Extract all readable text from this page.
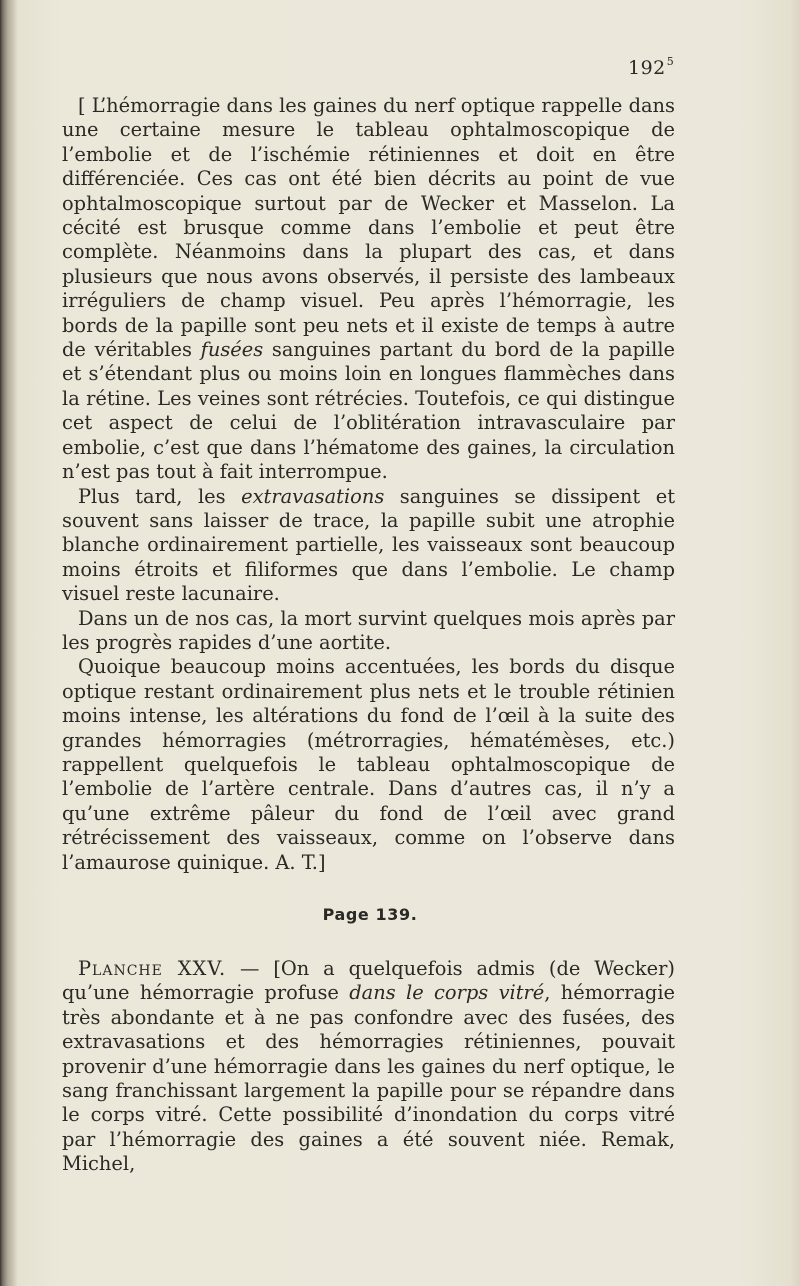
$192^5$

[ L’hémorragie dans les gaines du nerf optique rappelle dans une certaine mesure le tableau ophtalmoscopique de l’embolie et de l’ischémie rétiniennes et doit en être différenciée. Ces cas ont été bien décrits au point de vue ophtalmoscopique surtout par de Wecker et Masselon. La cécité est brusque comme dans l’embolie et peut être complète. Néanmoins dans la plupart des cas, et dans plusieurs que nous avons observés, il persiste des lambeaux irréguliers de champ visuel. Peu après l’hémorragie, les bords de la papille sont peu nets et il existe de temps à autre de véritables fusées sanguines partant du bord de la papille et s’étendant plus ou moins loin en longues flammèches dans la rétine. Les veines sont rétrécies. Toutefois, ce qui distingue cet aspect de celui de l’oblitération intravasculaire par embolie, c’est que dans l’hématome des gaines, la circulation n’est pas tout à fait interrompue.

Plus tard, les extravasations sanguines se dissipent et souvent sans laisser de trace, la papille subit une atrophie blanche ordinairement partielle, les vaisseaux sont beaucoup moins étroits et filiformes que dans l’embolie. Le champ visuel reste lacunaire.

Dans un de nos cas, la mort survint quelques mois après par les progrès rapides d’une aortite.

Quoique beaucoup moins accentuées, les bords du disque optique restant ordinairement plus nets et le trouble rétinien moins intense, les altérations du fond de l’œil à la suite des grandes hémorragies (métrorragies, hématémèses, etc.) rappellent quelquefois le tableau ophtalmoscopique de l’embolie de l’artère centrale. Dans d’autres cas, il n’y a qu’une extrême pâleur du fond de l’œil avec grand rétrécissement des vaisseaux, comme on l’observe dans l’amaurose quinique. A. T.]

Page 139.

Planche XXV. — [On a quelquefois admis (de Wecker) qu’une hémorragie profuse dans le corps vitré, hémorragie très abondante et à ne pas confondre avec des fusées, des extravasations et des hémorragies rétiniennes, pouvait provenir d’une hémorragie dans les gaines du nerf optique, le sang franchissant largement la papille pour se répandre dans le corps vitré. Cette possibilité d’inondation du corps vitré par l’hémorragie des gaines a été souvent niée. Remak, Michel,
